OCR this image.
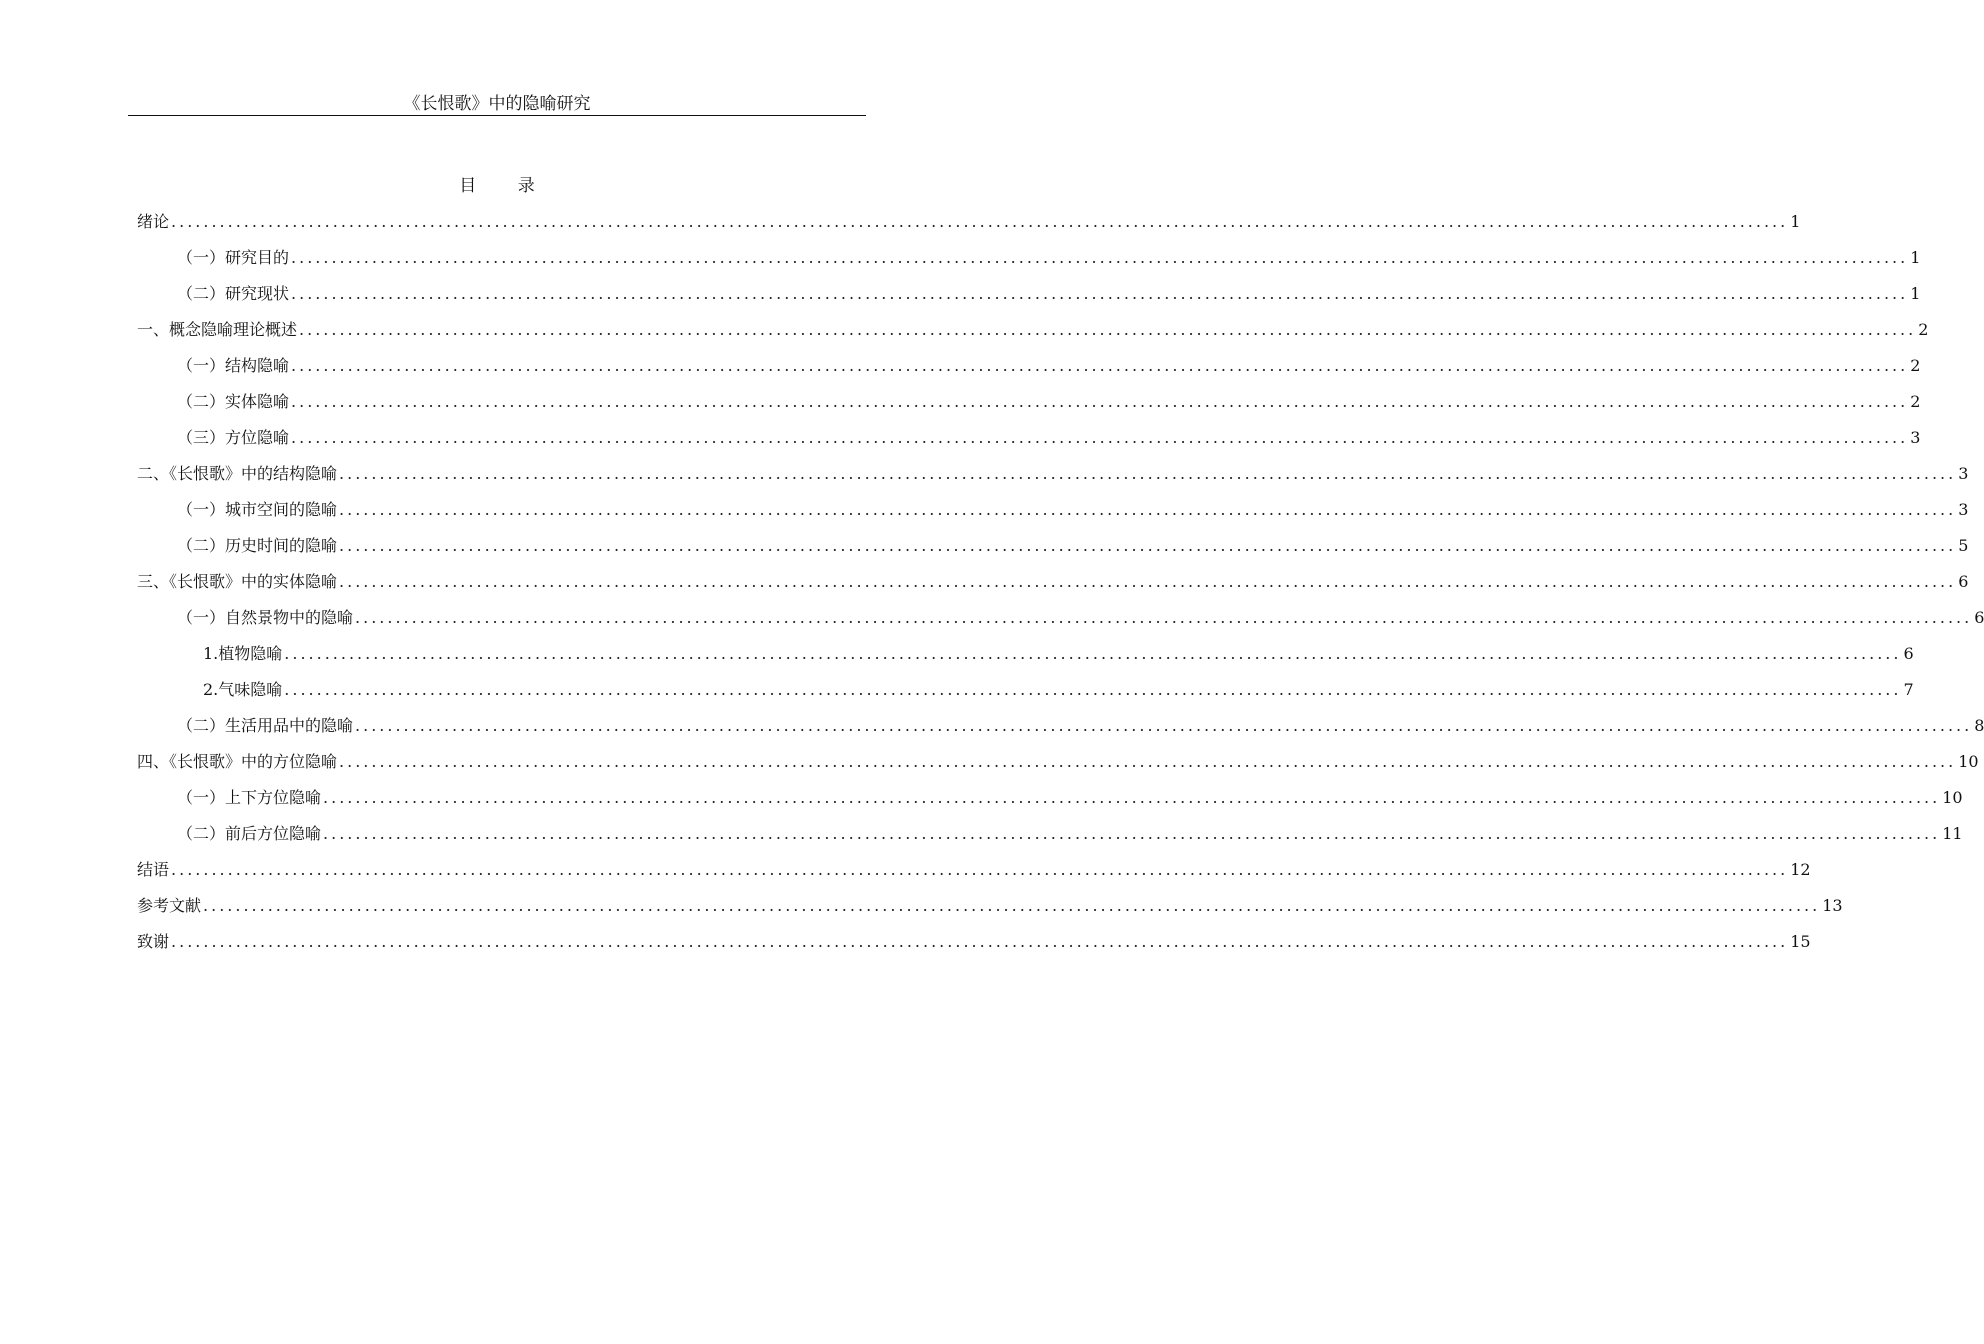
《长恨歌》中的隐喻研究
目 录
绪论 ........................................................................................................................................................................................................ 1
（一）研究目的 ........................................................................................................................................................................................................ 1
（二）研究现状 ........................................................................................................................................................................................................ 1
一、概念隐喻理论概述 ........................................................................................................................................................................................................ 2
（一）结构隐喻 ........................................................................................................................................................................................................ 2
（二）实体隐喻 ........................................................................................................................................................................................................ 2
（三）方位隐喻 ........................................................................................................................................................................................................ 3
二、《长恨歌》中的结构隐喻 ........................................................................................................................................................................................................ 3
（一）城市空间的隐喻 ........................................................................................................................................................................................................ 3
（二）历史时间的隐喻 ........................................................................................................................................................................................................ 5
三、《长恨歌》中的实体隐喻 ........................................................................................................................................................................................................ 6
（一）自然景物中的隐喻 ........................................................................................................................................................................................................ 6
1.植物隐喻 ........................................................................................................................................................................................................ 6
2.气味隐喻 ........................................................................................................................................................................................................ 7
（二）生活用品中的隐喻 ........................................................................................................................................................................................................ 8
四、《长恨歌》中的方位隐喻 ........................................................................................................................................................................................................ 10
（一）上下方位隐喻 ........................................................................................................................................................................................................ 10
（二）前后方位隐喻 ........................................................................................................................................................................................................ 11
结语 ........................................................................................................................................................................................................ 12
参考文献 ........................................................................................................................................................................................................ 13
致谢 ........................................................................................................................................................................................................ 15
